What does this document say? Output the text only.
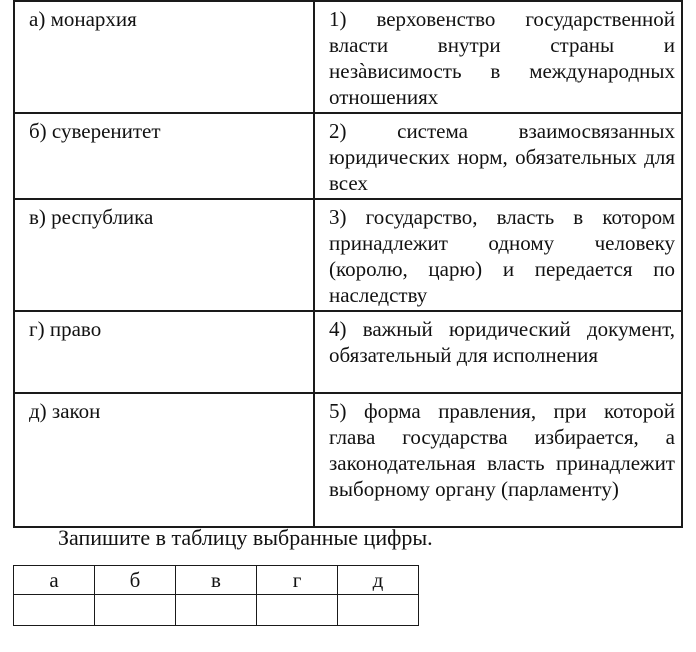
а) монархия	1) верховенство государственной власти внутри страны и незàвисимость в международных отношениях
б) суверенитет	2) система взаимосвязанных юридических норм, обязательных для всех
в) республика	3) государство, власть в котором принадлежит одному человеку (королю, царю) и передается по наследству
г) право	4) важный юридический документ, обязательный для исполнения
д) закон	5) форма правления, при которой глава государства избирается, а законодательная власть принадлежит выборному органу (парламенту)
Запишите в таблицу выбранные цифры.
а	б	в	г	д
